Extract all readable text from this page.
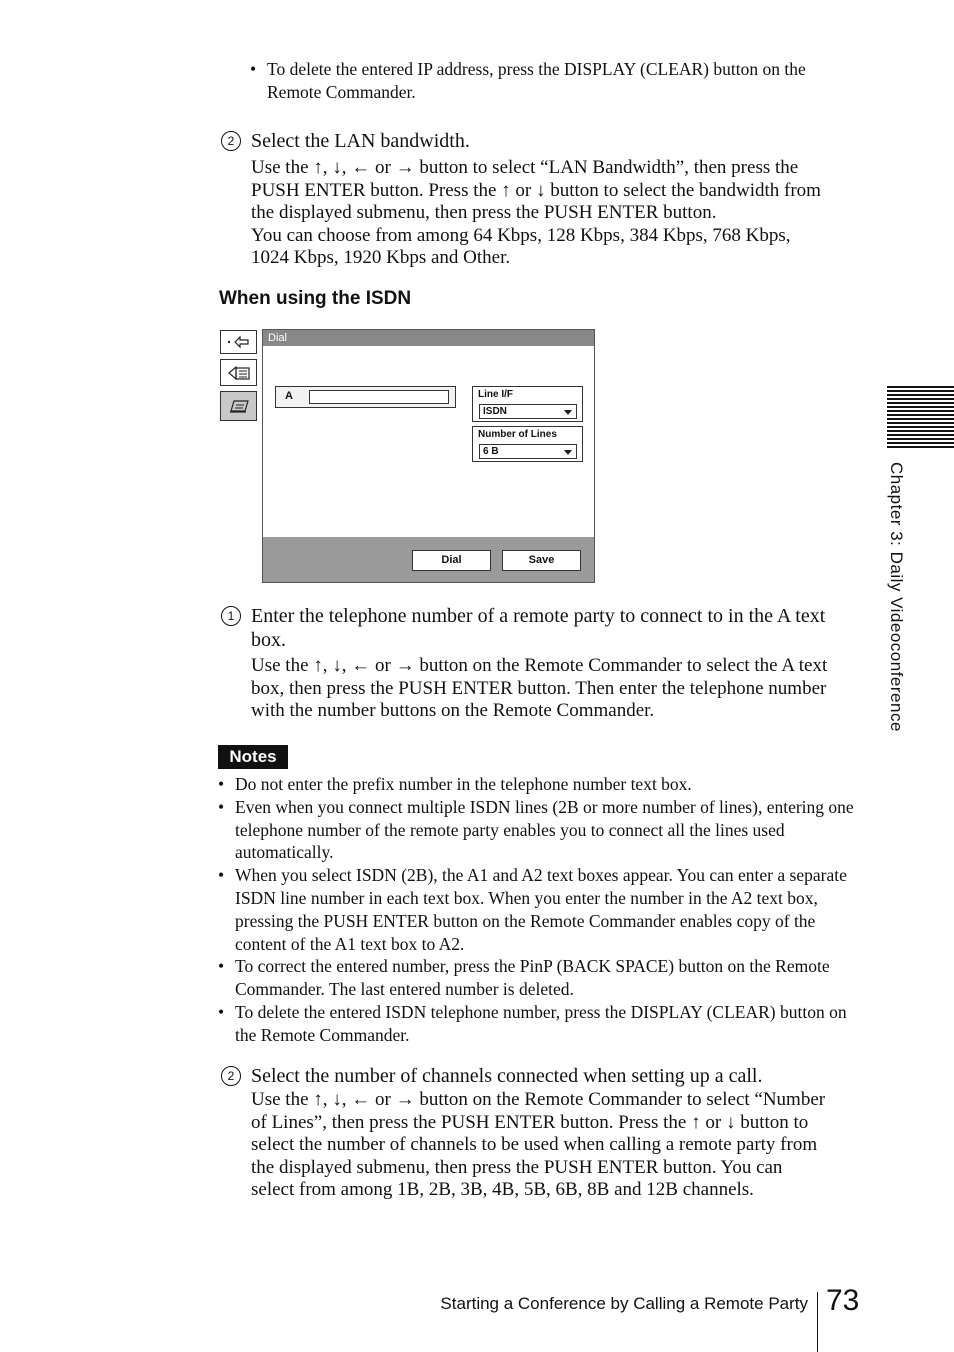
• To delete the entered IP address, press the DISPLAY (CLEAR) button on the
Remote Commander.
2 Select the LAN bandwidth.
Use the ↑, ↓, ← or → button to select “LAN Bandwidth”, then press the
PUSH ENTER button. Press the ↑ or ↓ button to select the bandwidth from
the displayed submenu, then press the PUSH ENTER button.
You can choose from among 64 Kbps, 128 Kbps, 384 Kbps, 768 Kbps,
1024 Kbps, 1920 Kbps and Other.
When using the ISDN
Dial
A	Line I/F
ISDN
Number of Lines
6 B
Dial	Save
1 Enter the telephone number of a remote party to connect to in the A text
box.
Use the ↑, ↓, ← or → button on the Remote Commander to select the A text
box, then press the PUSH ENTER button. Then enter the telephone number
with the number buttons on the Remote Commander.
Notes
• Do not enter the prefix number in the telephone number text box.
• Even when you connect multiple ISDN lines (2B or more number of lines), entering one telephone number of the remote party enables you to connect all the lines used automatically.
• When you select ISDN (2B), the A1 and A2 text boxes appear. You can enter a separate ISDN line number in each text box. When you enter the number in the A2 text box, pressing the PUSH ENTER button on the Remote Commander enables copy of the content of the A1 text box to A2.
• To correct the entered number, press the PinP (BACK SPACE) button on the Remote Commander. The last entered number is deleted.
• To delete the entered ISDN telephone number, press the DISPLAY (CLEAR) button on the Remote Commander.
2 Select the number of channels connected when setting up a call.
Use the ↑, ↓, ← or → button on the Remote Commander to select “Number
of Lines”, then press the PUSH ENTER button. Press the ↑ or ↓ button to
select the number of channels to be used when calling a remote party from
the displayed submenu, then press the PUSH ENTER button. You can
select from among 1B, 2B, 3B, 4B, 5B, 6B, 8B and 12B channels.
Chapter 3: Daily Videoconference
Starting a Conference by Calling a Remote Party 73
